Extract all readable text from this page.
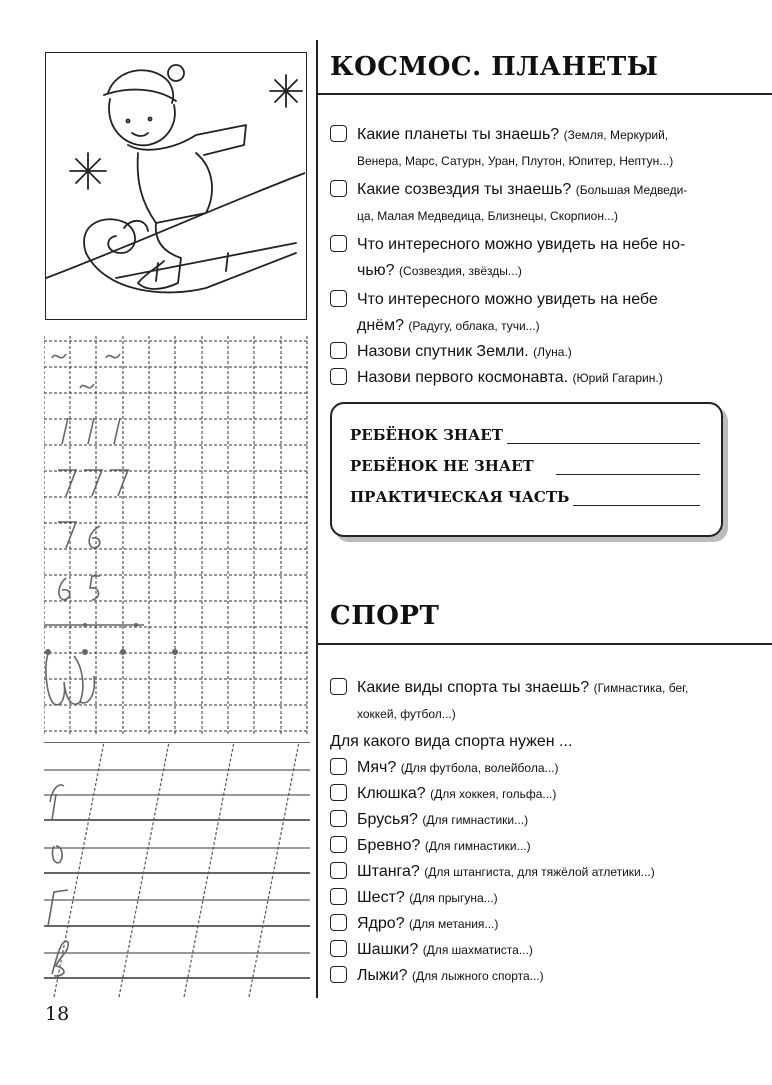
18
КОСМОС. ПЛАНЕТЫ
Какие планеты ты знаешь? (Земля, Меркурий,
Венера, Марс, Сатурн, Уран, Плутон, Юпитер, Нептун...)
Какие созвездия ты знаешь? (Большая Медведи-
ца, Малая Медведица, Близнецы, Скорпион...)
Что интересного можно увидеть на небе но-
чью? (Созвездия, звёзды...)
Что интересного можно увидеть на небе
днём? (Радугу, облака, тучи...)
Назови спутник Земли. (Луна.)
Назови первого космонавта. (Юрий Гагарин.)
РЕБЁНОК ЗНАЕТ
РЕБЁНОК НЕ ЗНАЕТ
ПРАКТИЧЕСКАЯ ЧАСТЬ
СПОРТ
Какие виды спорта ты знаешь? (Гимнастика, бег,
хоккей, футбол...)
Для какого вида спорта нужен ...
Мяч? (Для футбола, волейбола...)
Клюшка? (Для хоккея, гольфа...)
Брусья? (Для гимнастики...)
Бревно? (Для гимнастики...)
Штанга? (Для штангиста, для тяжёлой атлетики...)
Шест? (Для прыгуна...)
Ядро? (Для метания...)
Шашки? (Для шахматиста...)
Лыжи? (Для лыжного спорта...)
